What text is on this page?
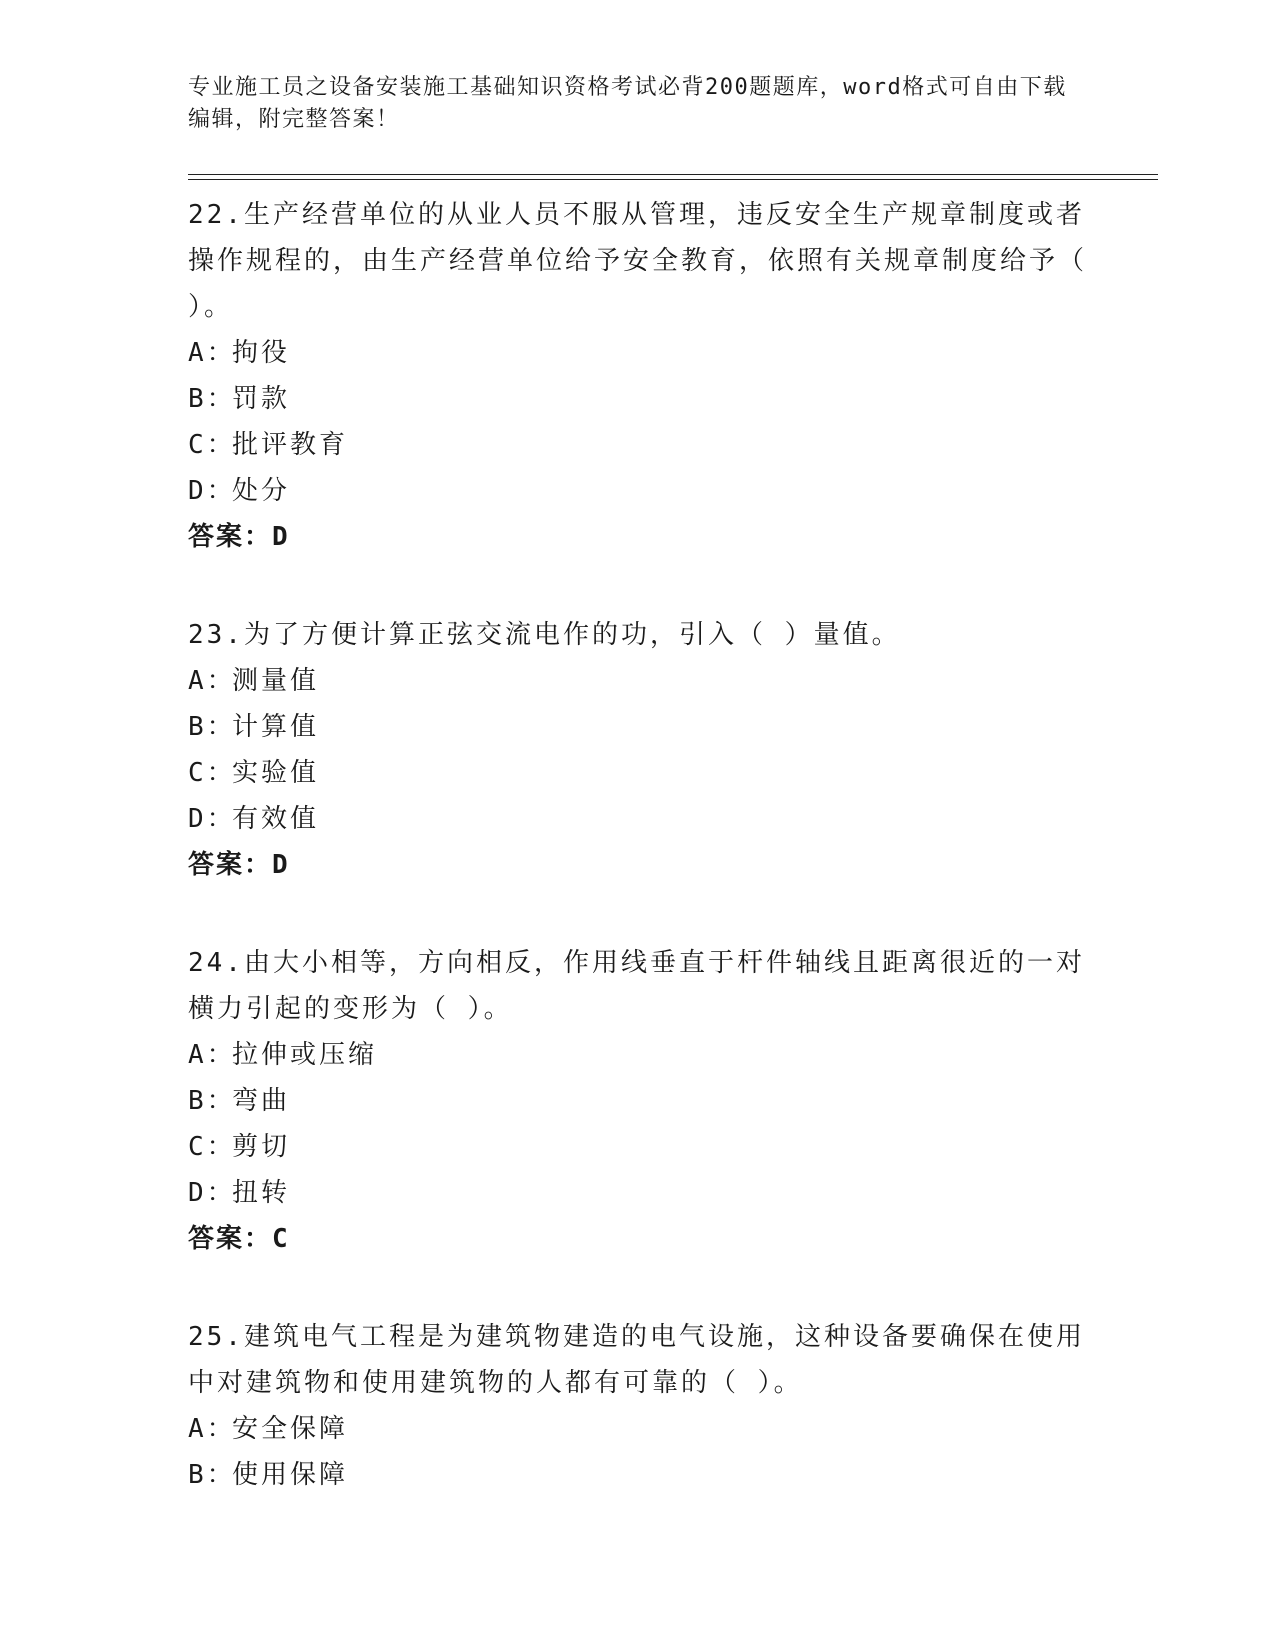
专业施工员之设备安装施工基础知识资格考试必背200题题库，word格式可自由下载编辑，附完整答案！

22.生产经营单位的从业人员不服从管理，违反安全生产规章制度或者操作规程的，由生产经营单位给予安全教育，依照有关规章制度给予（ ）。

A：拘役

B：罚款

C：批评教育

D：处分

答案：D

23.为了方便计算正弦交流电作的功，引入（ ）量值。

A：测量值

B：计算值

C：实验值

D：有效值

答案：D

24.由大小相等，方向相反，作用线垂直于杆件轴线且距离很近的一对横力引起的变形为（ ）。

A：拉伸或压缩

B：弯曲

C：剪切

D：扭转

答案：C

25.建筑电气工程是为建筑物建造的电气设施，这种设备要确保在使用中对建筑物和使用建筑物的人都有可靠的（ ）。

A：安全保障

B：使用保障
